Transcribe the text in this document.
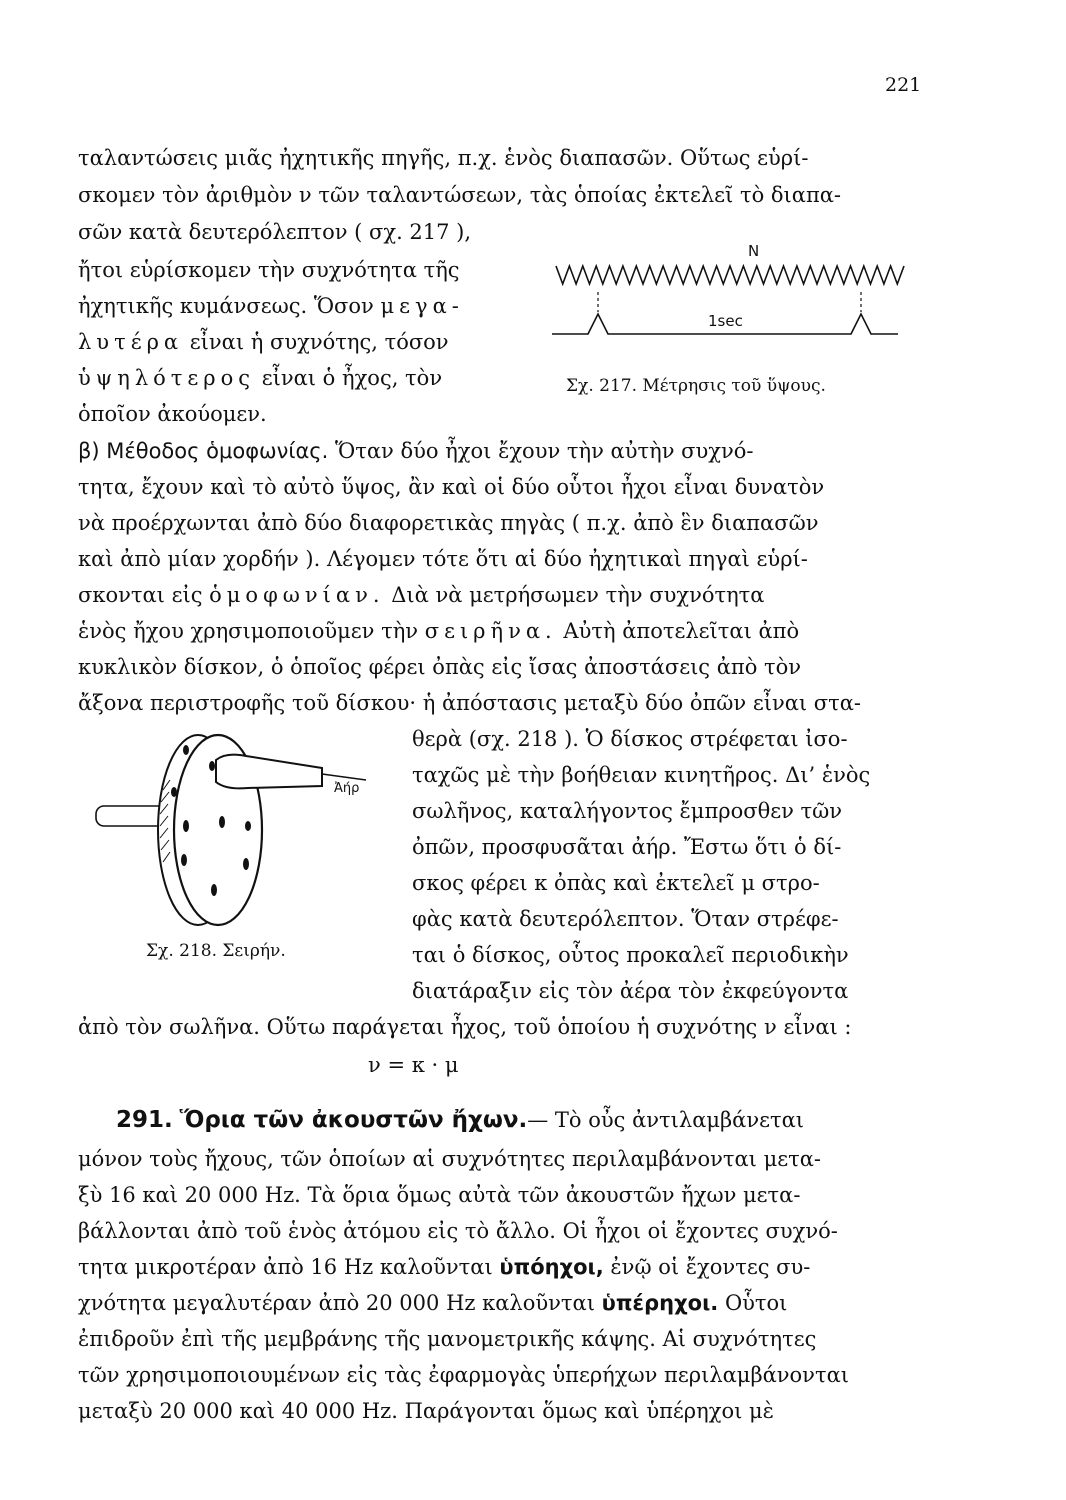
221
ταλαντώσεις μιᾶς ἠχητικῆς πηγῆς, π.χ. ἑνὸς διαπασῶν. Οὕτως εὑρί-
σκομεν τὸν ἀριθμὸν ν τῶν ταλαντώσεων, τὰς ὁποίας ἐκτελεῖ τὸ διαπα-
σῶν κατὰ δευτερόλεπτον ( σχ. 217 ),
ἤτοι εὑρίσκομεν τὴν συχνότητα τῆς
ἠχητικῆς κυμάνσεως. Ὅσον μεγα-
λυτέρα εἶναι ἡ συχνότης, τόσον
ὑψηλότερος εἶναι ὁ ἦχος, τὸν
ὁποῖον ἀκούομεν.
N
1sec
Σχ. 217. Μέτρησις τοῦ ὕψους.
β) Μέθοδος ὁμοφωνίας. Ὅταν δύο ἦχοι ἔχουν τὴν αὐτὴν συχνό-
τητα, ἔχουν καὶ τὸ αὐτὸ ὕψος, ἂν καὶ οἱ δύο οὗτοι ἦχοι εἶναι δυνατὸν
νὰ προέρχωνται ἀπὸ δύο διαφορετικὰς πηγὰς ( π.χ. ἀπὸ ἓν διαπασῶν
καὶ ἀπὸ μίαν χορδήν ). Λέγομεν τότε ὅτι αἱ δύο ἠχητικαὶ πηγαὶ εὑρί-
σκονται εἰς ὁμοφωνίαν. Διὰ νὰ μετρήσωμεν τὴν συχνότητα
ἑνὸς ἤχου χρησιμοποιοῦμεν τὴν σειρῆνα. Αὐτὴ ἀποτελεῖται ἀπὸ
κυκλικὸν δίσκον, ὁ ὁποῖος φέρει ὀπὰς εἰς ἴσας ἀποστάσεις ἀπὸ τὸν
ἄξονα περιστροφῆς τοῦ δίσκου· ἡ ἀπόστασις μεταξὺ δύο ὀπῶν εἶναι στα-
θερὰ (σχ. 218 ). Ὁ δίσκος στρέφεται ἰσο-
ταχῶς μὲ τὴν βοήθειαν κινητῆρος. Δι’ ἑνὸς
σωλῆνος, καταλήγοντος ἔμπροσθεν τῶν
ὀπῶν, προσφυσᾶται ἀήρ. Ἔστω ὅτι ὁ δί-
σκος φέρει κ ὀπὰς καὶ ἐκτελεῖ μ στρο-
φὰς κατὰ δευτερόλεπτον. Ὅταν στρέφε-
ται ὁ δίσκος, οὗτος προκαλεῖ περιοδικὴν
διατάραξιν εἰς τὸν ἀέρα τὸν ἐκφεύγοντα
Ἀήρ
Σχ. 218. Σειρήν.
ἀπὸ τὸν σωλῆνα. Οὕτω παράγεται ἦχος, τοῦ ὁποίου ἡ συχνότης ν εἶναι :
ν = κ · μ
291. Ὅρια τῶν ἀκουστῶν ἤχων.— Τὸ οὖς ἀντιλαμβάνεται
μόνον τοὺς ἤχους, τῶν ὁποίων αἱ συχνότητες περιλαμβάνονται μετα-
ξὺ 16 καὶ 20 000 Hz. Τὰ ὅρια ὅμως αὐτὰ τῶν ἀκουστῶν ἤχων μετα-
βάλλονται ἀπὸ τοῦ ἑνὸς ἀτόμου εἰς τὸ ἄλλο. Οἱ ἦχοι οἱ ἔχοντες συχνό-
τητα μικροτέραν ἀπὸ 16 Hz καλοῦνται ὑπόηχοι, ἐνῷ οἱ ἔχοντες συ-
χνότητα μεγαλυτέραν ἀπὸ 20 000 Hz καλοῦνται ὑπέρηχοι. Οὗτοι
ἐπιδροῦν ἐπὶ τῆς μεμβράνης τῆς μανομετρικῆς κάψης. Αἱ συχνότητες
τῶν χρησιμοποιουμένων εἰς τὰς ἐφαρμογὰς ὑπερήχων περιλαμβάνονται
μεταξὺ 20 000 καὶ 40 000 Hz. Παράγονται ὅμως καὶ ὑπέρηχοι μὲ
